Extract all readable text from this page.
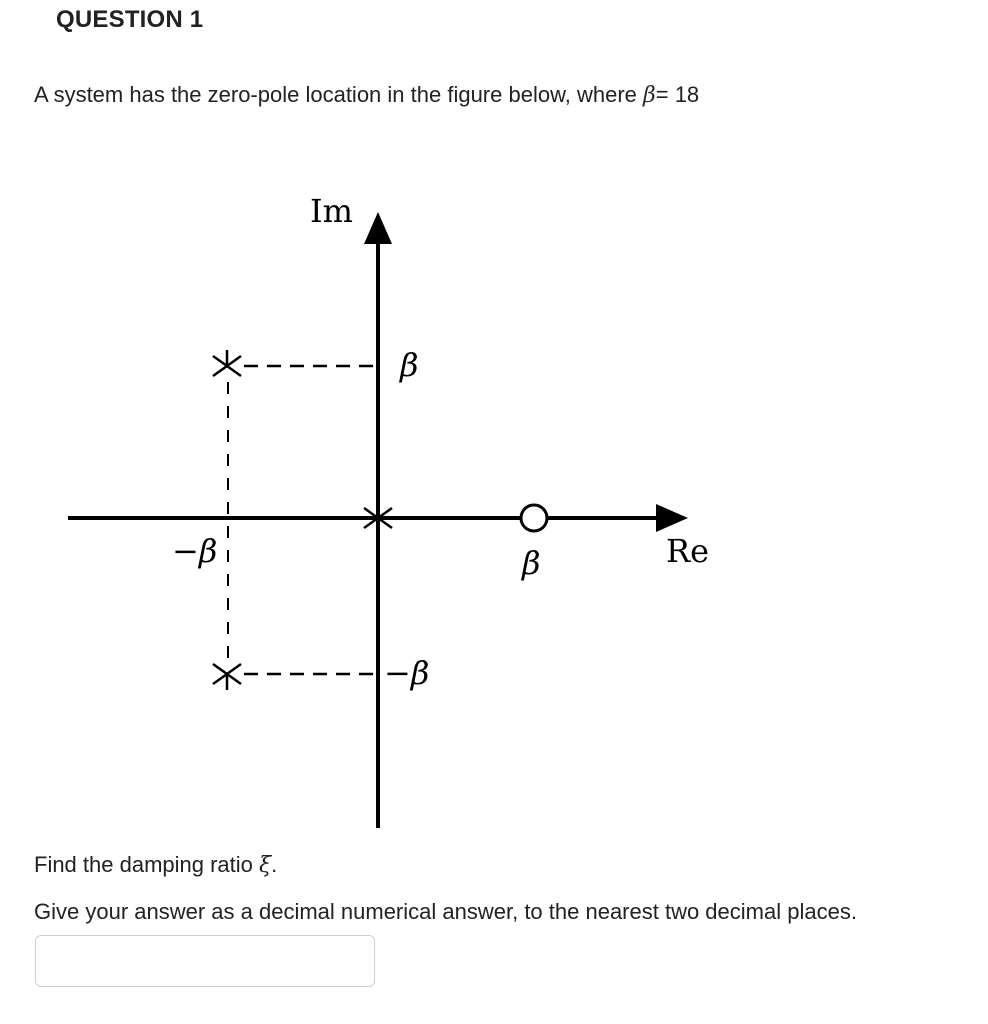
QUESTION 1
A system has the zero-pole location in the figure below, where β= 18
Im
Re
β
−β
β
−β
Find the damping ratio ξ.
Give your answer as a decimal numerical answer, to the nearest two decimal places.
